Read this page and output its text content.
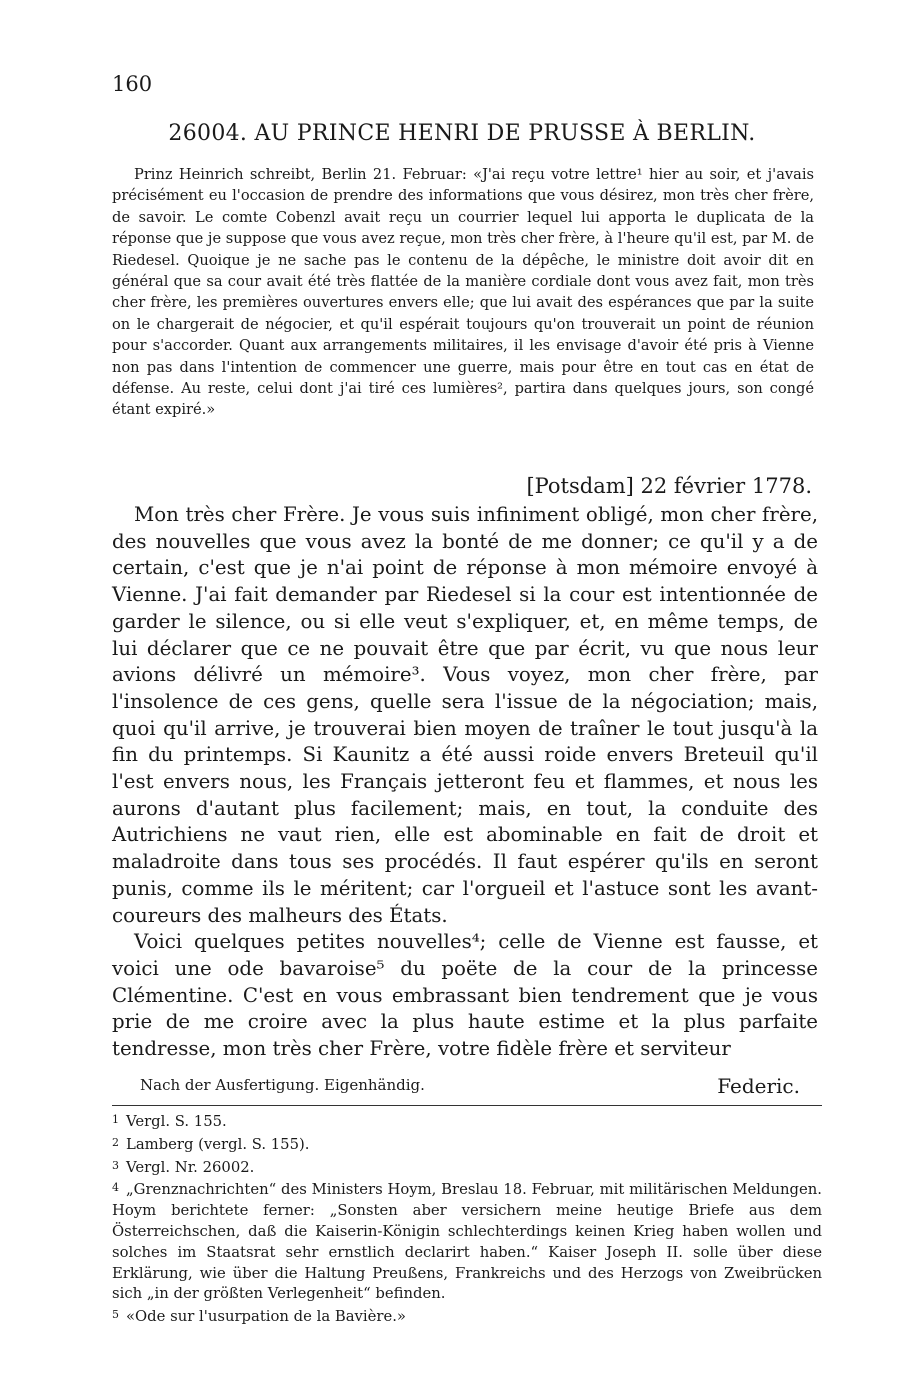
160
26004. AU PRINCE HENRI DE PRUSSE À BERLIN.

Prinz Heinrich schreibt, Berlin 21. Februar: «J'ai reçu votre lettre¹ hier au soir, et j'avais précisément eu l'occasion de prendre des informations que vous désirez, mon très cher frère, de savoir. Le comte Cobenzl avait reçu un courrier lequel lui apporta le duplicata de la réponse que je suppose que vous avez reçue, mon très cher frère, à l'heure qu'il est, par M. de Riedesel. Quoique je ne sache pas le contenu de la dépêche, le ministre doit avoir dit en général que sa cour avait été très flattée de la manière cordiale dont vous avez fait, mon très cher frère, les premières ouvertures envers elle; que lui avait des espérances que par la suite on le chargerait de négocier, et qu'il espérait toujours qu'on trouverait un point de réunion pour s'accorder. Quant aux arrangements militaires, il les envisage d'avoir été pris à Vienne non pas dans l'intention de commencer une guerre, mais pour être en tout cas en état de défense. Au reste, celui dont j'ai tiré ces lumières², partira dans quelques jours, son congé étant expiré.»

[Potsdam] 22 février 1778.

Mon très cher Frère. Je vous suis infiniment obligé, mon cher frère, des nouvelles que vous avez la bonté de me donner; ce qu'il y a de certain, c'est que je n'ai point de réponse à mon mémoire envoyé à Vienne. J'ai fait demander par Riedesel si la cour est intentionnée de garder le silence, ou si elle veut s'expliquer, et, en même temps, de lui déclarer que ce ne pouvait être que par écrit, vu que nous leur avions délivré un mémoire³. Vous voyez, mon cher frère, par l'insolence de ces gens, quelle sera l'issue de la négociation; mais, quoi qu'il arrive, je trouverai bien moyen de traîner le tout jusqu'à la fin du printemps. Si Kaunitz a été aussi roide envers Breteuil qu'il l'est envers nous, les Français jetteront feu et flammes, et nous les aurons d'autant plus facilement; mais, en tout, la conduite des Autrichiens ne vaut rien, elle est abominable en fait de droit et maladroite dans tous ses procédés. Il faut espérer qu'ils en seront punis, comme ils le méritent; car l'orgueil et l'astuce sont les avant-coureurs des malheurs des États.

Voici quelques petites nouvelles⁴; celle de Vienne est fausse, et voici une ode bavaroise⁵ du poëte de la cour de la princesse Clémentine. C'est en vous embrassant bien tendrement que je vous prie de me croire avec la plus haute estime et la plus parfaite tendresse, mon très cher Frère, votre fidèle frère et serviteur

Nach der Ausfertigung. Eigenhändig.	Federic.

1 Vergl. S. 155.

2 Lamberg (vergl. S. 155).

3 Vergl. Nr. 26002.

4 „Grenznachrichten“ des Ministers Hoym, Breslau 18. Februar, mit militärischen Meldungen. Hoym berichtete ferner: „Sonsten aber versichern meine heutige Briefe aus dem Österreichschen, daß die Kaiserin-Königin schlechterdings keinen Krieg haben wollen und solches im Staatsrat sehr ernstlich declarirt haben.“ Kaiser Joseph II. solle über diese Erklärung, wie über die Haltung Preußens, Frankreichs und des Herzogs von Zweibrücken sich „in der größten Verlegenheit“ befinden.

5 «Ode sur l'usurpation de la Bavière.»
